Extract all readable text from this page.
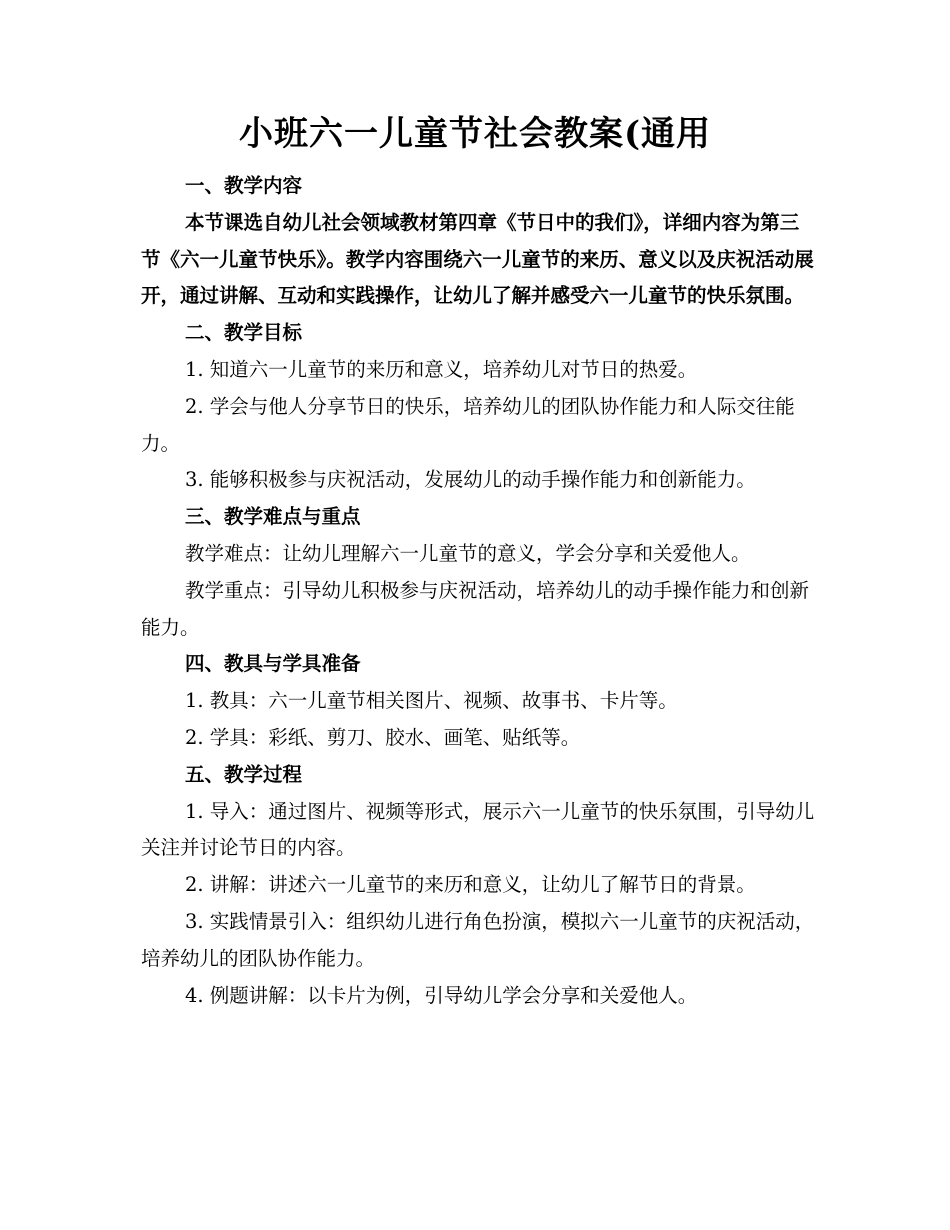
小班六一儿童节社会教案(通用

一、教学内容

本节课选自幼儿社会领域教材第四章《节日中的我们》，详细内容为第三节《六一儿童节快乐》。教学内容围绕六一儿童节的来历、意义以及庆祝活动展开，通过讲解、互动和实践操作，让幼儿了解并感受六一儿童节的快乐氛围。

二、教学目标

1. 知道六一儿童节的来历和意义，培养幼儿对节日的热爱。

2. 学会与他人分享节日的快乐，培养幼儿的团队协作能力和人际交往能力。

3. 能够积极参与庆祝活动，发展幼儿的动手操作能力和创新能力。

三、教学难点与重点

教学难点：让幼儿理解六一儿童节的意义，学会分享和关爱他人。

教学重点：引导幼儿积极参与庆祝活动，培养幼儿的动手操作能力和创新能力。

四、教具与学具准备

1. 教具：六一儿童节相关图片、视频、故事书、卡片等。

2. 学具：彩纸、剪刀、胶水、画笔、贴纸等。

五、教学过程

1. 导入：通过图片、视频等形式，展示六一儿童节的快乐氛围，引导幼儿关注并讨论节日的内容。

2. 讲解：讲述六一儿童节的来历和意义，让幼儿了解节日的背景。

3. 实践情景引入：组织幼儿进行角色扮演，模拟六一儿童节的庆祝活动，培养幼儿的团队协作能力。

4. 例题讲解：以卡片为例，引导幼儿学会分享和关爱他人。
